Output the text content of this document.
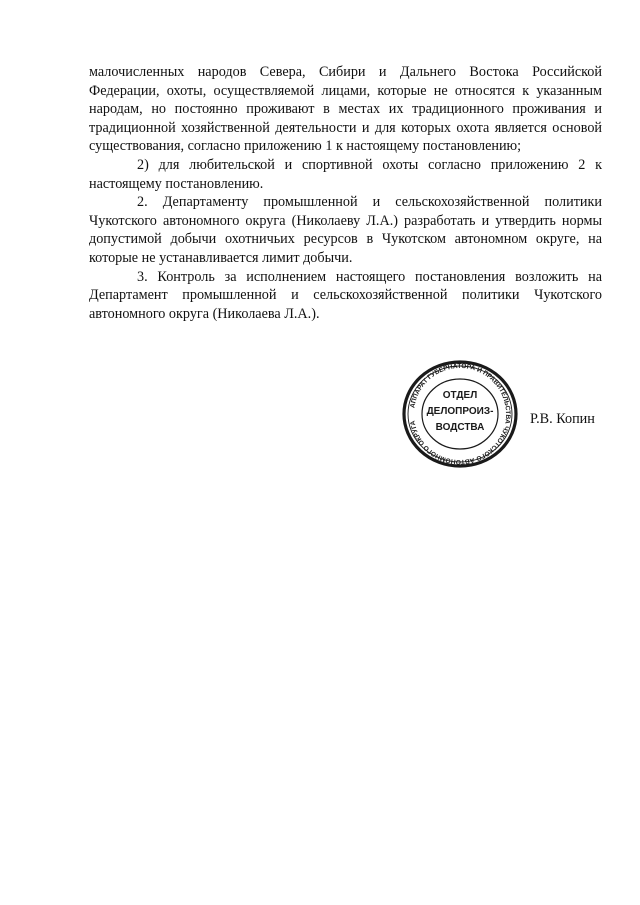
малочисленных народов Севера, Сибири и Дальнего Востока Российской Федерации, охоты, осуществляемой лицами, которые не относятся к указанным народам, но постоянно проживают в местах их традиционного проживания и традиционной хозяйственной деятельности и для которых охота является основой существования, согласно приложению 1 к настоящему постановлению;

2) для любительской и спортивной охоты согласно приложению 2 к настоящему постановлению.

2. Департаменту промышленной и сельскохозяйственной политики Чукотского автономного округа (Николаеву Л.А.) разработать и утвердить нормы допустимой добычи охотничьих ресурсов в Чукотском автономном округе, на которые не устанавливается лимит добычи.

3. Контроль за исполнением настоящего постановления возложить на Департамент промышленной и сельскохозяйственной политики Чукотского автономного округа (Николаева Л.А.).

АППАРАТ ГУБЕРНАТОРА И ПРАВИТЕЛЬСТВА ЧУКОТСКОГО АВТОНОМНОГО ОКРУГА
ОТДЕЛ
ДЕЛОПРОИЗ-
ВОДСТВА
Р.В. Копин
